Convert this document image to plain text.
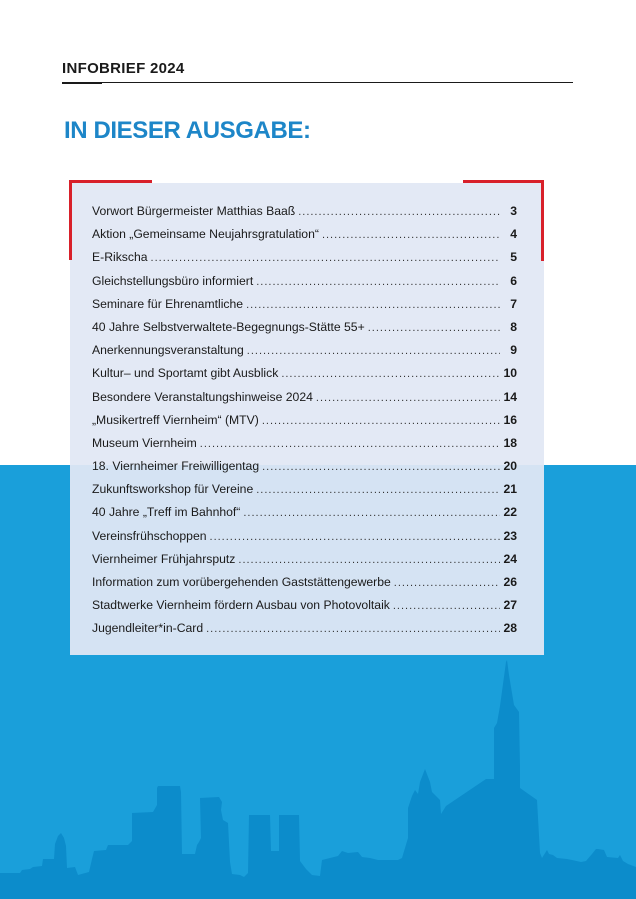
INFOBRIEF 2024
IN DIESER AUSGABE:
Vorwort Bürgermeister Matthias Baaß .....	3
Aktion „Gemeinsame Neujahrsgratulation“ .....	4
E-Rikscha .....	5
Gleichstellungsbüro informiert .....	6
Seminare für Ehrenamtliche .....	7
40 Jahre Selbstverwaltete-Begegnungs-Stätte 55+ .....	8
Anerkennungsveranstaltung .....	9
Kultur– und Sportamt gibt Ausblick .....	10
Besondere Veranstaltungshinweise 2024 .....	14
„Musikertreff Viernheim“ (MTV) .....	16
Museum Viernheim .....	18
18. Viernheimer Freiwilligentag .....	20
Zukunftsworkshop für Vereine .....	21
40 Jahre „Treff im Bahnhof“ .....	22
Vereinsfrühschoppen .....	23
Viernheimer Frühjahrsputz .....	24
Information zum vorübergehenden Gaststättengewerbe .....	26
Stadtwerke Viernheim fördern Ausbau von Photovoltaik .....	27
Jugendleiter*in-Card .....	28
